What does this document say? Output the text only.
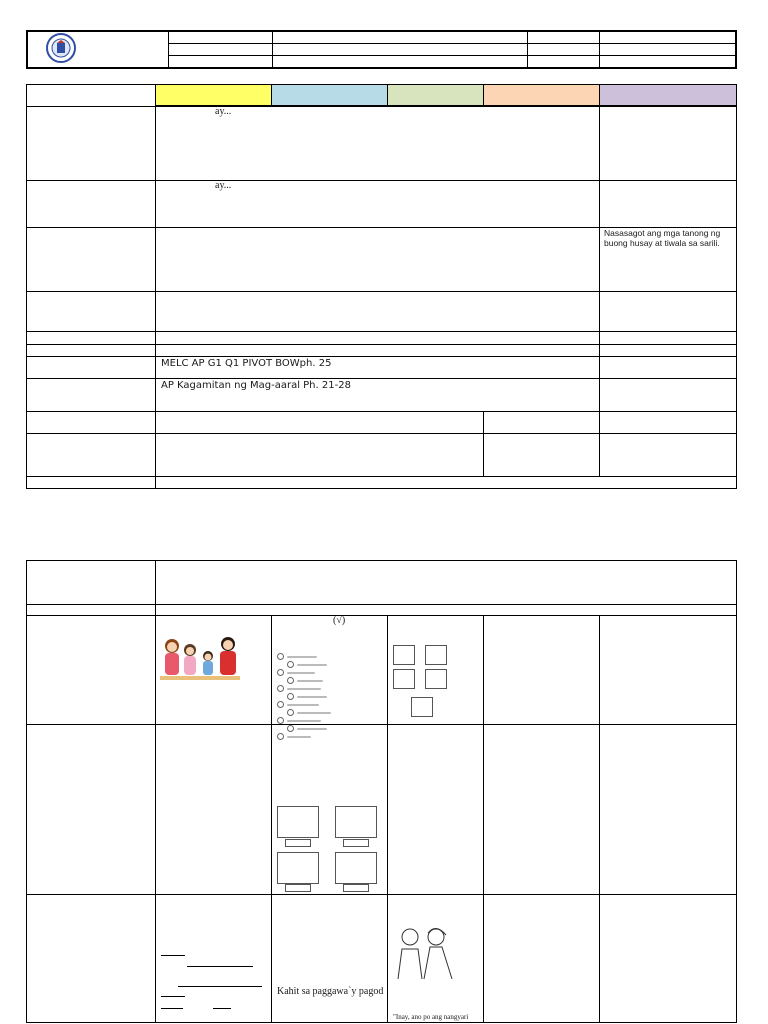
ay...
ay...
Nasasagot ang mga tanong ng buong husay at tiwala sa sarili.
MELC AP G1 Q1 PIVOT BOWph. 25
AP Kagamitan ng Mag-aaral Ph. 21-28
(√)
Kahit sa paggawa`y pagod
"Inay, ano po ang nangyari
